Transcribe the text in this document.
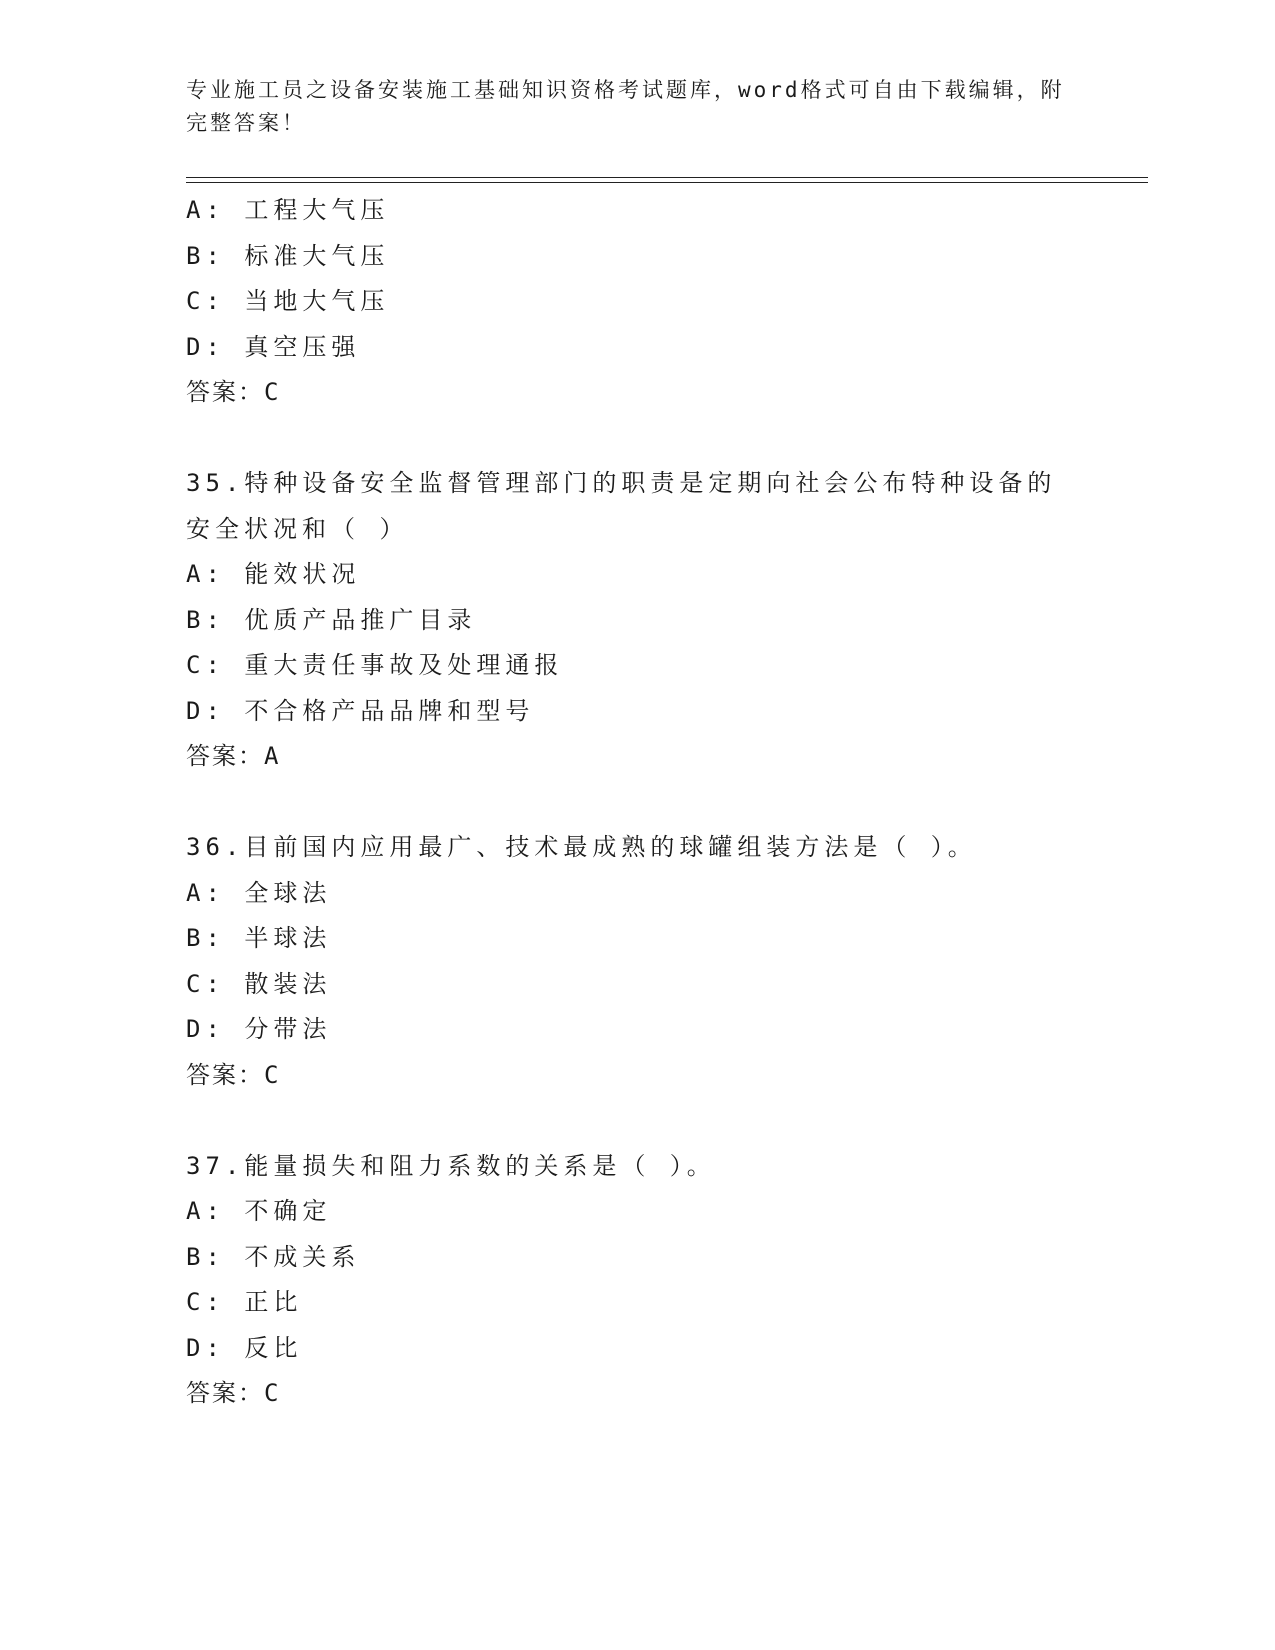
专业施工员之设备安装施工基础知识资格考试题库，word格式可自由下载编辑，附完整答案！
A: 工程大气压
B: 标准大气压
C: 当地大气压
D: 真空压强
答案：C
35.特种设备安全监督管理部门的职责是定期向社会公布特种设备的安全状况和（ ）
A: 能效状况
B: 优质产品推广目录
C: 重大责任事故及处理通报
D: 不合格产品品牌和型号
答案：A
36.目前国内应用最广、技术最成熟的球罐组装方法是（ ）。
A: 全球法
B: 半球法
C: 散装法
D: 分带法
答案：C
37.能量损失和阻力系数的关系是（ ）。
A: 不确定
B: 不成关系
C: 正比
D: 反比
答案：C
